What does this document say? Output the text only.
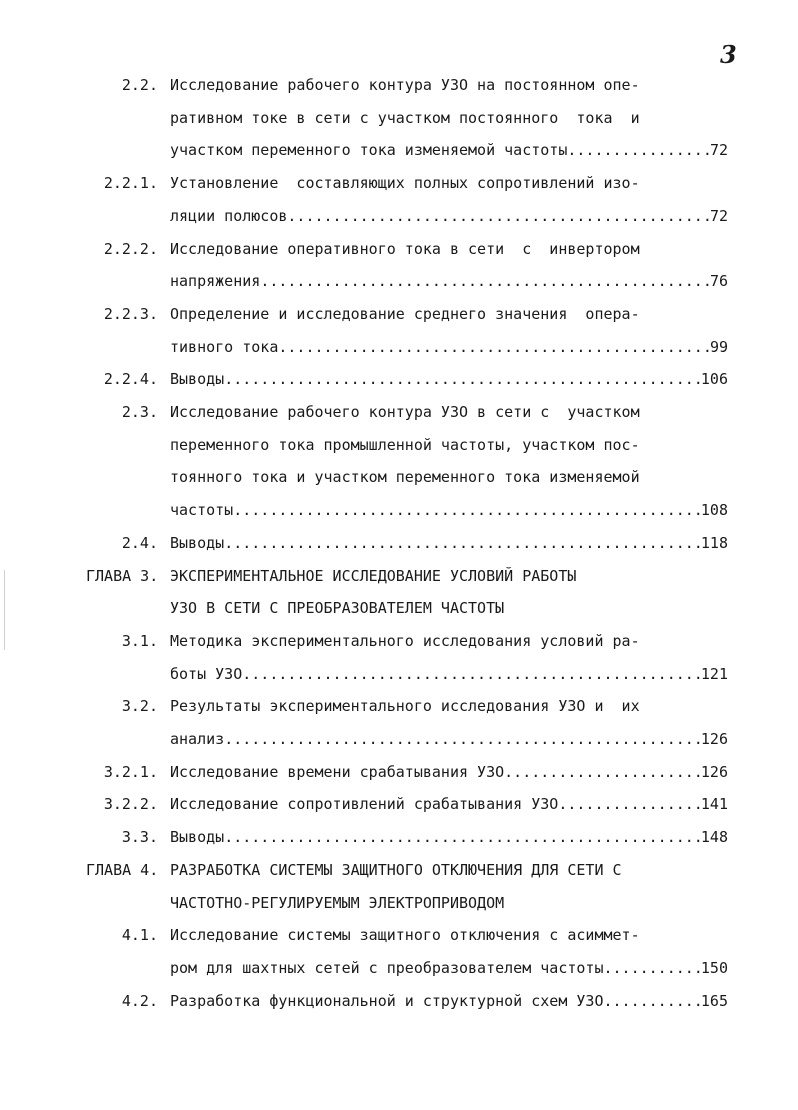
3
2.2. Исследование рабочего контура УЗО на постоянном опе-
ративном токе в сети с участком постоянного  тока  и
участком переменного тока изменяемой частоты .....	72
2.2.1. Установление  составляющих полных сопротивлений изо-
ляции полюсов .....	72
2.2.2. Исследование оперативного тока в сети  с  инвертором
напряжения .....	76
2.2.3. Определение и исследование среднего значения  опера-
тивного тока .....	99
2.2.4. Выводы .....	106
2.3. Исследование рабочего контура УЗО в сети с  участком
переменного тока промышленной частоты, участком пос-
тоянного тока и участком переменного тока изменяемой
частоты .....	108
2.4. Выводы .....	118
ГЛАВА 3. ЭКСПЕРИМЕНТАЛЬНОЕ ИССЛЕДОВАНИЕ УСЛОВИЙ РАБОТЫ
УЗО В СЕТИ С ПРЕОБРАЗОВАТЕЛЕМ ЧАСТОТЫ
3.1. Методика экспериментального исследования условий ра-
боты УЗО .....	121
3.2. Результаты экспериментального исследования УЗО и  их
анализ .....	126
3.2.1. Исследование времени срабатывания УЗО .....	126
3.2.2. Исследование сопротивлений срабатывания УЗО .....	141
3.3. Выводы .....	148
ГЛАВА 4. РАЗРАБОТКА СИСТЕМЫ ЗАЩИТНОГО ОТКЛЮЧЕНИЯ ДЛЯ СЕТИ С
ЧАСТОТНО-РЕГУЛИРУЕМЫМ ЭЛЕКТРОПРИВОДОМ
4.1. Исследование системы защитного отключения с асиммет-
ром для шахтных сетей с преобразователем частоты .....	150
4.2. Разработка функциональной и структурной схем УЗО .....	165
